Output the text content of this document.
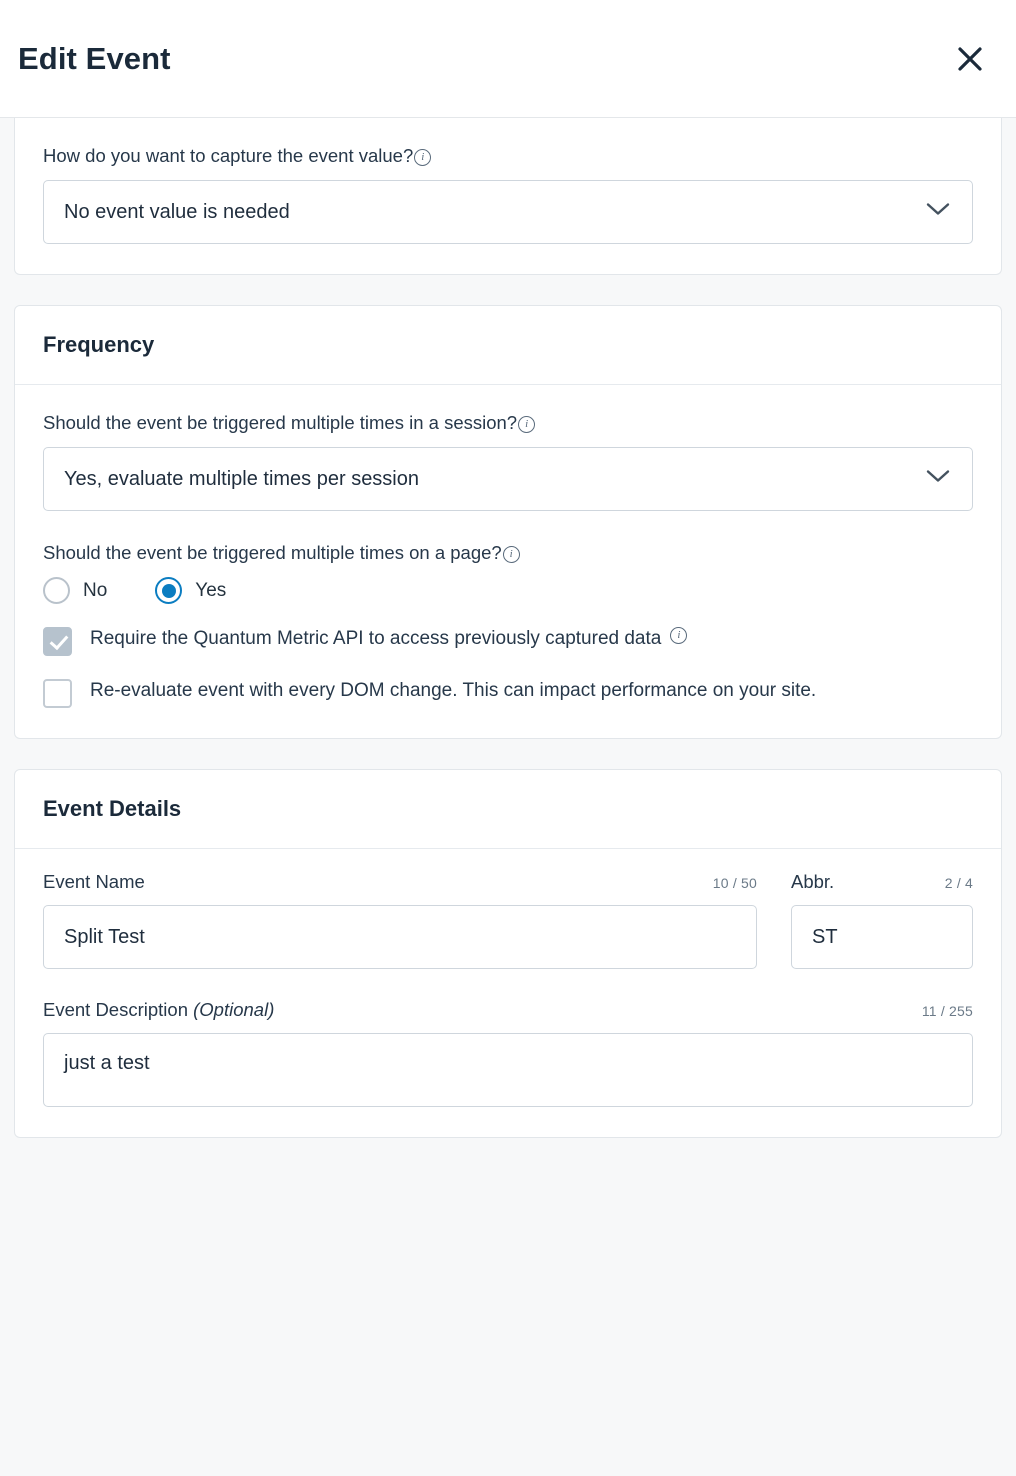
Edit Event
How do you want to capture the event value? i
No event value is needed
Frequency
Should the event be triggered multiple times in a session? i
Yes, evaluate multiple times per session
Should the event be triggered multiple times on a page? i
No	Yes
Require the Quantum Metric API to access previously captured data	i
Re-evaluate event with every DOM change. This can impact performance on your site.
Event Details
Event Name	10 / 50
Split Test
Abbr.	2 / 4
ST
Event Description (Optional)	11 / 255
just a test
